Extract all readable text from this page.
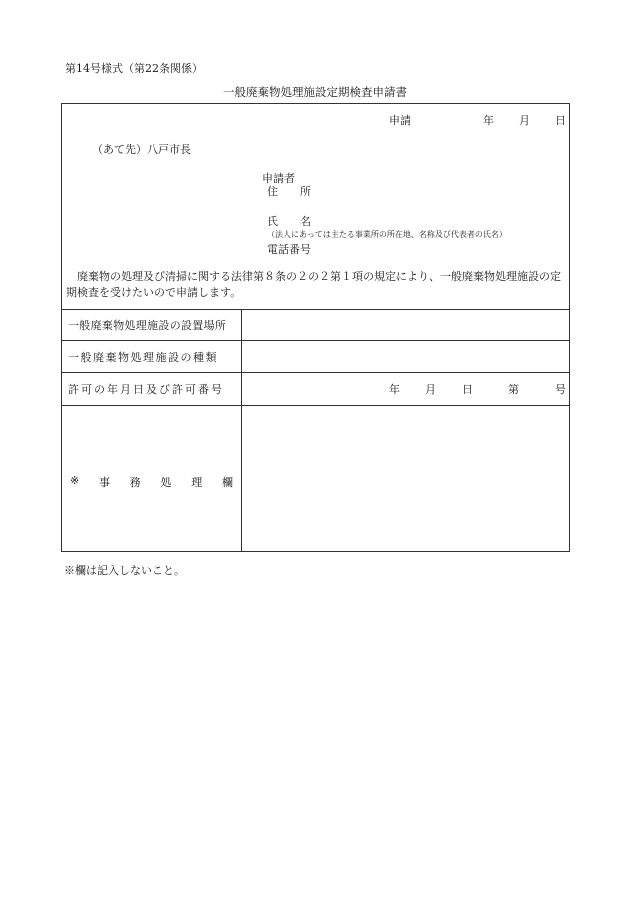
第14号様式（第22条関係）
一般廃棄物処理施設定期検査申請書
申請	年 月 日
（あて先）八戸市長
申請者
住　　所
氏　　名
（法人にあっては主たる事業所の所在地、名称及び代表者の氏名）
電話番号
廃棄物の処理及び清掃に関する法律第８条の２の２第１項の規定により、一般廃棄物処理施設の定期検査を受けたいので申請します。
一般廃棄物処理施設の設置場所
一般廃棄物処理施設の種類
許可の年月日及び許可番号	年 月 日	第	号
※ 事 務 処 理 欄
※欄は記入しないこと。
